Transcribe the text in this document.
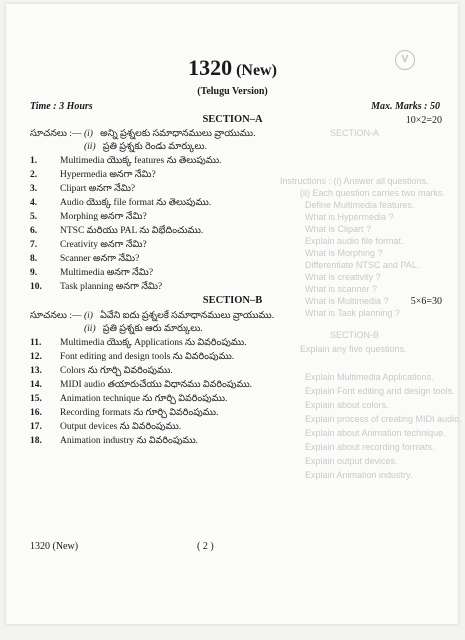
SECTION-A
Instructions : (i) Answer all questions.
(ii) Each question carries two marks.
Define Multimedia features.
What is Hypermedia ?
What is Clipart ?
Explain audio file format.
What is Morphing ?
Differentiate NTSC and PAL.
What is creativity ?
What is scanner ?
What is Multimedia ?
What is Task planning ?
SECTION-B
Explain any five questions.
Explain Multimedia Applications.
Explain Font editing and design tools.
Explain about colors.
Explain process of creating MIDI audio.
Explain about Animation technique.
Explain about recording formats.
Explain output devices.
Explain Animation industry.
V
1320 (New)
(Telugu Version)
Time : 3 Hours	Max. Marks : 50
SECTION–A	10×2=20
సూచనలు :— (i) అన్ని ప్రశ్నలకు సమాధానములు వ్రాయుము.
(ii) ప్రతి ప్రశ్నకు రెండు మార్కులు.
1. Multimedia యొక్క features ను తెలుపుము.
2. Hypermedia అనగా నేమి?
3. Clipart అనగా నేమి?
4. Audio యొక్క file format ను తెలుపుము.
5. Morphing అనగా నేమి?
6. NTSC మరియు PAL ను విభేదించుము.
7. Creativity అనగా నేమి?
8. Scanner అనగా నేమి?
9. Multimedia అనగా నేమి?
10. Task planning అనగా నేమి?
SECTION–B	5×6=30
సూచనలు :— (i) ఏవేని ఐదు ప్రశ్నలకే సమాధానములు వ్రాయుము.
(ii) ప్రతి ప్రశ్నకు ఆరు మార్కులు.
11. Multimedia యొక్క Applications ను వివరింపుము.
12. Font editing and design tools ను వివరింపుము.
13. Colors ను గూర్చి వివరింపుము.
14. MIDI audio తయారుచేయు విధానము వివరింపుము.
15. Animation technique ను గూర్చి వివరింపుము.
16. Recording formats ను గూర్చి వివరింపుము.
17. Output devices ను వివరింపుము.
18. Animation industry ను వివరింపుము.
1320 (New)	( 2 )
